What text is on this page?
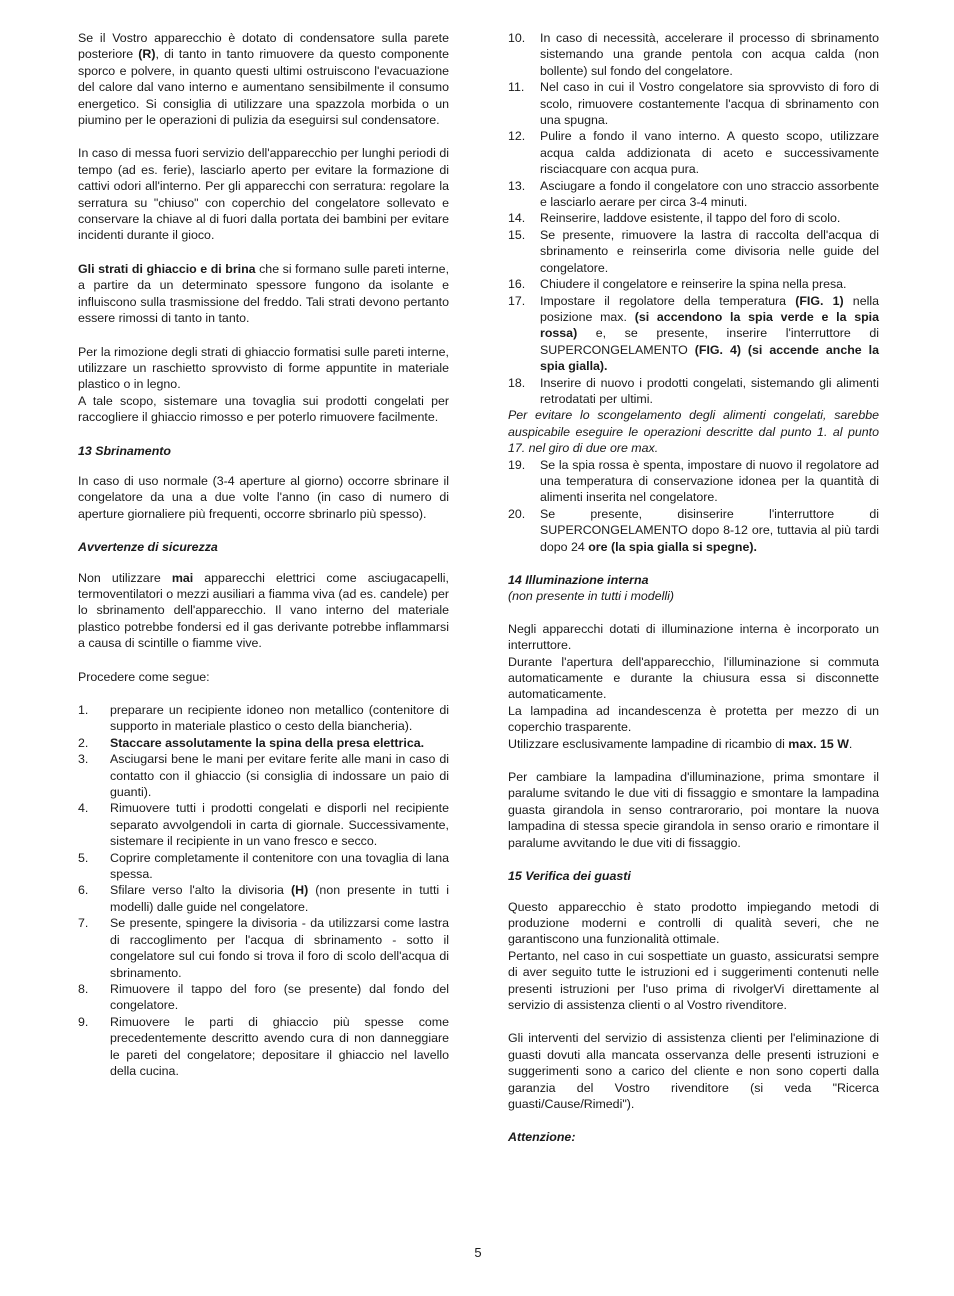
Se il Vostro apparecchio è dotato di condensatore sulla parete posteriore (R), di tanto in tanto rimuovere da questo componente sporco e polvere, in quanto questi ultimi ostruiscono l'evacuazione del calore dal vano interno e aumentano sensibilmente il consumo energetico. Si consiglia di utilizzare una spazzola morbida o un piumino per le operazioni di pulizia da eseguirsi sul condensatore.

In caso di messa fuori servizio dell'apparecchio per lunghi periodi di tempo (ad es. ferie), lasciarlo aperto per evitare la formazione di cattivi odori all'interno. Per gli apparecchi con serratura: regolare la serratura su "chiuso" con coperchio del congelatore sollevato e conservare la chiave al di fuori dalla portata dei bambini per evitare incidenti durante il gioco.

Gli strati di ghiaccio e di brina che si formano sulle pareti interne, a partire da un determinato spessore fungono da isolante e influiscono sulla trasmissione del freddo. Tali strati devono pertanto essere rimossi di tanto in tanto.

Per la rimozione degli strati di ghiaccio formatisi sulle pareti interne, utilizzare un raschietto sprovvisto di forme appuntite in materiale plastico o in legno.

A tale scopo, sistemare una tovaglia sui prodotti congelati per raccogliere il ghiaccio rimosso e per poterlo rimuovere facilmente.

13 Sbrinamento

In caso di uso normale (3-4 aperture al giorno) occorre sbrinare il congelatore da una a due volte l'anno (in caso di numero di aperture giornaliere più frequenti, occorre sbrinarlo più spesso).

Avvertenze di sicurezza

Non utilizzare mai apparecchi elettrici come asciugacapelli, termoventilatori o mezzi ausiliari a fiamma viva (ad es. candele) per lo sbrinamento dell'apparecchio. Il vano interno del materiale plastico potrebbe fondersi ed il gas derivante potrebbe inflammarsi a causa di scintille o fiamme vive.

Procedere come segue:

1. preparare un recipiente idoneo non metallico (contenitore di supporto in materiale plastico o cesto della biancheria).
2. Staccare assolutamente la spina della presa elettrica.
3. Asciugarsi bene le mani per evitare ferite alle mani in caso di contatto con il ghiaccio (si consiglia di indossare un paio di guanti).
4. Rimuovere tutti i prodotti congelati e disporli nel recipiente separato avvolgendoli in carta di giornale. Successivamente, sistemare il recipiente in un vano fresco e secco.
5. Coprire completamente il contenitore con una tovaglia di lana spessa.
6. Sfilare verso l'alto la divisoria (H) (non presente in tutti i modelli) dalle guide nel congelatore.
7. Se presente, spingere la divisoria - da utilizzarsi come lastra di raccoglimento per l'acqua di sbrinamento - sotto il congelatore sul cui fondo si trova il foro di scolo dell'acqua di sbrinamento.
8. Rimuovere il tappo del foro (se presente) dal fondo del congelatore.
9. Rimuovere le parti di ghiaccio più spesse come precedentemente descritto avendo cura di non danneggiare le pareti del congelatore; depositare il ghiaccio nel lavello della cucina.
10. In caso di necessità, accelerare il processo di sbrinamento sistemando una grande pentola con acqua calda (non bollente) sul fondo del congelatore.
11. Nel caso in cui il Vostro congelatore sia sprovvisto di foro di scolo, rimuovere costantemente l'acqua di sbrinamento con una spugna.
12. Pulire a fondo il vano interno. A questo scopo, utilizzare acqua calda addizionata di aceto e successivamente risciacquare con acqua pura.
13. Asciugare a fondo il congelatore con uno straccio assorbente e lasciarlo aerare per circa 3-4 minuti.
14. Reinserire, laddove esistente, il tappo del foro di scolo.
15. Se presente, rimuovere la lastra di raccolta dell'acqua di sbrinamento e reinserirla come divisoria nelle guide del congelatore.
16. Chiudere il congelatore e reinserire la spina nella presa.
17. Impostare il regolatore della temperatura (FIG. 1) nella posizione max. (si accendono la spia verde e la spia rossa) e, se presente, inserire l'interruttore di SUPERCONGELAMENTO (FIG. 4) (si accende anche la spia gialla).
18. Inserire di nuovo i prodotti congelati, sistemando gli alimenti retrodatati per ultimi.

Per evitare lo scongelamento degli alimenti congelati, sarebbe auspicabile eseguire le operazioni descritte dal punto 1. al punto 17. nel giro di due ore max.

19. Se la spia rossa è spenta, impostare di nuovo il regolatore ad una temperatura di conservazione idonea per la quantità di alimenti inserita nel congelatore.
20. Se presente, disinserire l'interruttore di SUPERCONGELAMENTO dopo 8-12 ore, tuttavia al più tardi dopo 24 ore (la spia gialla si spegne).
14 Illuminazione interna
(non presente in tutti i modelli)

Negli apparecchi dotati di illuminazione interna è incorporato un interruttore.

Durante l'apertura dell'apparecchio, l'illuminazione si commuta automaticamente e durante la chiusura essa si disconnette automaticamente.

La lampadina ad incandescenza è protetta per mezzo di un coperchio trasparente.

Utilizzare esclusivamente lampadine di ricambio di max. 15 W.

Per cambiare la lampadina d'illuminazione, prima smontare il paralume svitando le due viti di fissaggio e smontare la lampadina guasta girandola in senso contrarorario, poi montare la nuova lampadina di stessa specie girandola in senso orario e rimontare il paralume avvitando le due viti di fissaggio.

15 Verifica dei guasti

Questo apparecchio è stato prodotto impiegando metodi di produzione moderni e controlli di qualità severi, che ne garantiscono una funzionalità ottimale.

Pertanto, nel caso in cui sospettiate un guasto, assicuratsi sempre di aver seguito tutte le istruzioni ed i suggerimenti contenuti nelle presenti istruzioni per l'uso prima di rivolgerVi direttamente al servizio di assistenza clienti o al Vostro rivenditore.

Gli interventi del servizio di assistenza clienti per l'eliminazione di guasti dovuti alla mancata osservanza delle presenti istruzioni e suggerimenti sono a carico del cliente e non sono coperti dalla garanzia del Vostro rivenditore (si veda "Ricerca guasti/Cause/Rimedi").

Attenzione:
5
